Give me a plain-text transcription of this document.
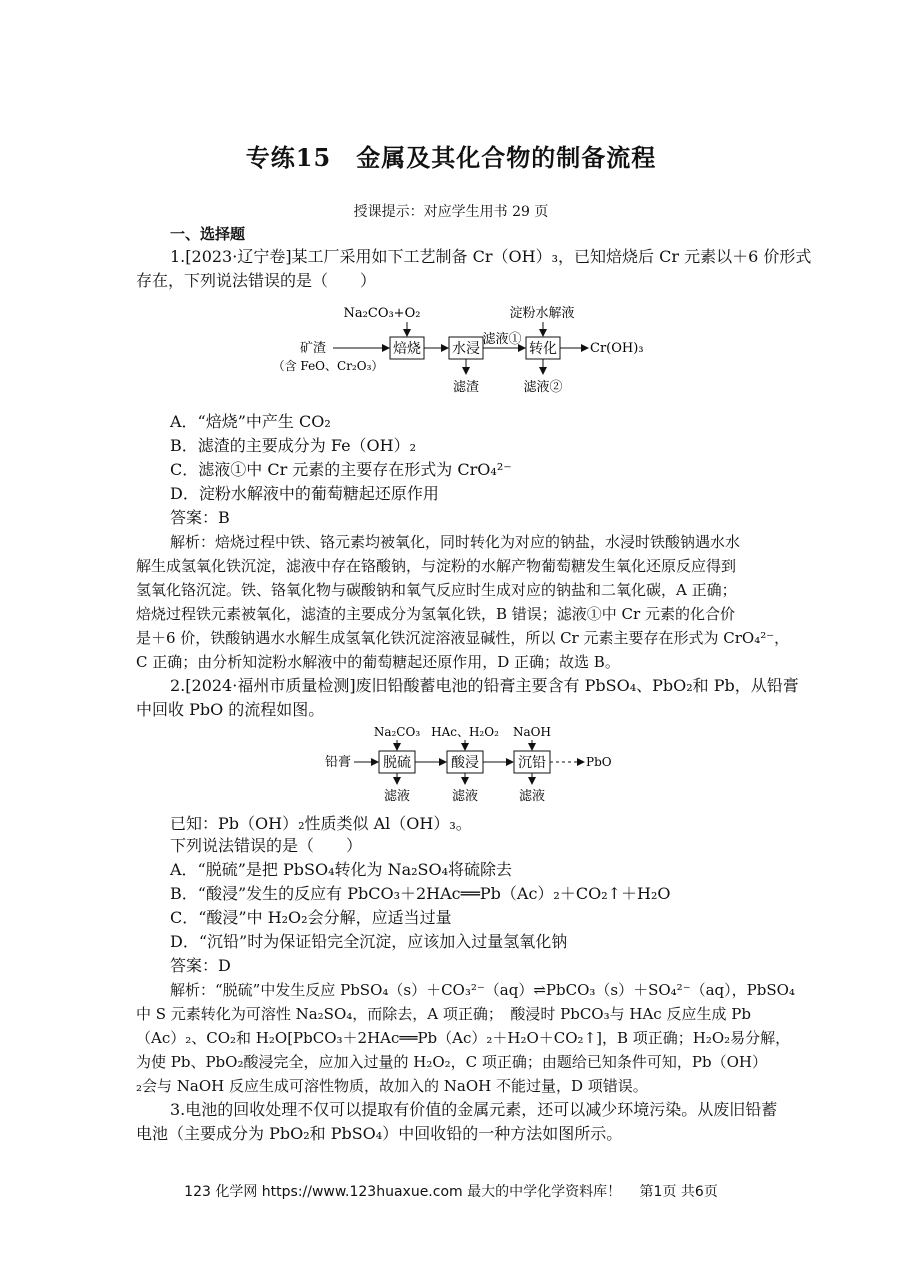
专练15　金属及其化合物的制备流程
授课提示：对应学生用书 29 页
一、选择题
1.[2023·辽宁卷]某工厂采用如下工艺制备 Cr（OH）₃，已知焙烧后 Cr 元素以＋6 价形式
存在，下列说法错误的是（　　）
Na₂CO₃+O₂	淀粉水解液
矿渣
（含 FeO、Cr₂O₃）
焙烧 水浸
滤渣
滤液①
转化
滤液②
Cr(OH)₃
A．“焙烧”中产生 CO₂
B．滤渣的主要成分为 Fe（OH）₂
C．滤液①中 Cr 元素的主要存在形式为 CrO₄²⁻
D．淀粉水解液中的葡萄糖起还原作用
答案：B
解析：焙烧过程中铁、铬元素均被氧化，同时转化为对应的钠盐，水浸时铁酸钠遇水水
解生成氢氧化铁沉淀，滤液中存在铬酸钠，与淀粉的水解产物葡萄糖发生氧化还原反应得到
氢氧化铬沉淀。铁、铬氧化物与碳酸钠和氧气反应时生成对应的钠盐和二氧化碳，A 正确；
焙烧过程铁元素被氧化，滤渣的主要成分为氢氧化铁，B 错误；滤液①中 Cr 元素的化合价
是＋6 价，铁酸钠遇水水解生成氢氧化铁沉淀溶液显碱性，所以 Cr 元素主要存在形式为 CrO₄²⁻，
C 正确；由分析知淀粉水解液中的葡萄糖起还原作用，D 正确；故选 B。
2.[2024·福州市质量检测]废旧铅酸蓄电池的铅膏主要含有 PbSO₄、PbO₂和 Pb，从铅膏
中回收 PbO 的流程如图。
Na₂CO₃ HAc、H₂O₂ NaOH
铅膏 脱硫
滤液
酸浸
滤液
沉铅
滤液
PbO
已知：Pb（OH）₂性质类似 Al（OH）₃。
下列说法错误的是（　　）
A．“脱硫”是把 PbSO₄转化为 Na₂SO₄将硫除去
B．“酸浸”发生的反应有 PbCO₃＋2HAc══Pb（Ac）₂＋CO₂↑＋H₂O
C．“酸浸”中 H₂O₂会分解，应适当过量
D．“沉铅”时为保证铅完全沉淀，应该加入过量氢氧化钠
答案：D
解析：“脱硫”中发生反应 PbSO₄（s）＋CO₃²⁻（aq）⇌PbCO₃（s）＋SO₄²⁻（aq），PbSO₄
中 S 元素转化为可溶性 Na₂SO₄，而除去，A 项正确；　酸浸时 PbCO₃与 HAc 反应生成 Pb
（Ac）₂、CO₂和 H₂O[PbCO₃＋2HAc══Pb（Ac）₂＋H₂O＋CO₂↑]，B 项正确；H₂O₂易分解，
为使 Pb、PbO₂酸浸完全，应加入过量的 H₂O₂，C 项正确；由题给已知条件可知，Pb（OH）
₂会与 NaOH 反应生成可溶性物质，故加入的 NaOH 不能过量，D 项错误。
3.电池的回收处理不仅可以提取有价值的金属元素，还可以减少环境污染。从废旧铅蓄
电池（主要成分为 PbO₂和 PbSO₄）中回收铅的一种方法如图所示。
123 化学网 https://www.123huaxue.com 最大的中学化学资料库！　 第1页 共6页
